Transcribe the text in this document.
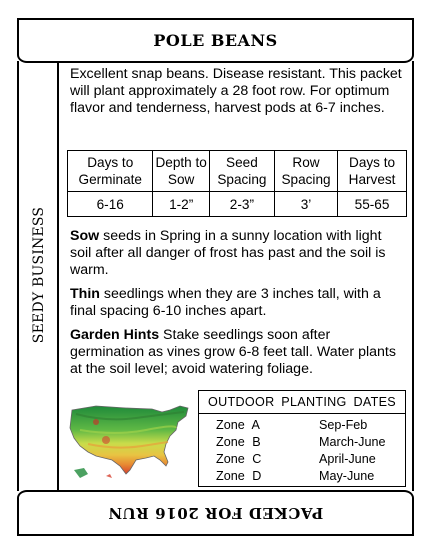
POLE BEANS
SEEDY BUSINESS
Excellent snap beans. Disease resistant. This packet will plant approximately a 28 foot row. For optimum flavor and tenderness, harvest pods at 6-7 inches.
Days to Germinate	Depth to Sow	Seed Spacing	Row Spacing	Days to Harvest
6-16	1-2”	2-3”	3’	55-65
Sow seeds in Spring in a sunny location with light soil after all danger of frost has past and the soil is warm.
Thin seedlings when they are 3 inches tall, with a final spacing 6-10 inches apart.
Garden Hints Stake seedlings soon after germination as vines grow 6-8 feet tall. Water plants at the soil level; avoid watering foliage.
OUTDOOR PLANTING DATES
Zone A	Sep-Feb
Zone B	March-June
Zone C	April-June
Zone D	May-June
PACKED FOR 2016 RUN
